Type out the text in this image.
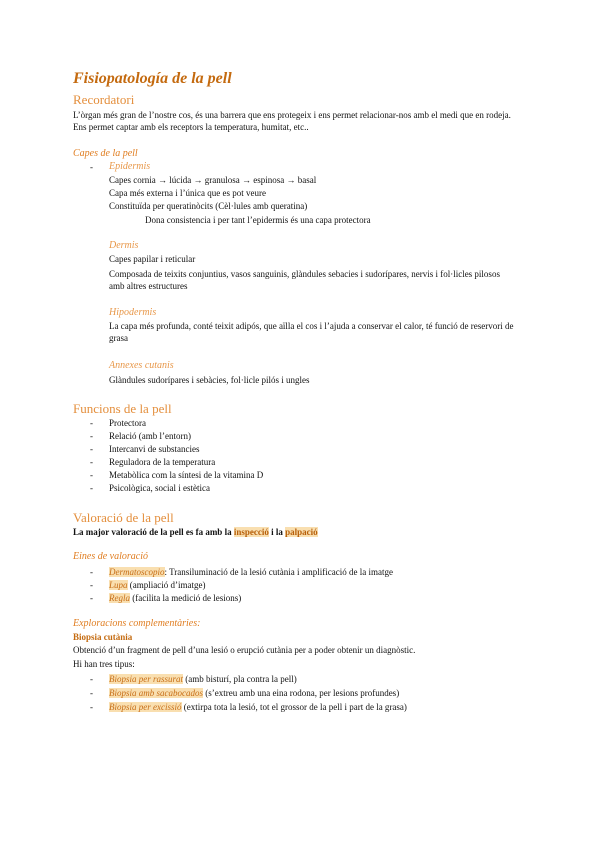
Fisiopatología de la pell
Recordatori
L’òrgan més gran de l’nostre cos, és una barrera que ens protegeix i ens permet relacionar-nos amb el medi que en rodeja. Ens permet captar amb els receptors la temperatura, humitat, etc..
Capes de la pell
- Epidermis
Capes cornia → lúcida → granulosa → espinosa → basal
Capa més externa i l’única que es pot veure
Constituïda per queratinòcits (Cèl·lules amb queratina)
Dona consistencia i per tant l’epidermis és una capa protectora
Dermis
Capes papilar i reticular
Composada de teixits conjuntius, vasos sanguinis, glàndules sebacies i sudorípares, nervis i fol·licles pilosos amb altres estructures
Hipodermis
La capa més profunda, conté teixit adipós, que aïlla el cos i l’ajuda a conservar el calor, té funció de reservori de grasa
Annexes cutanis
Glàndules sudorípares i sebàcies, fol·licle pilós i ungles
Funcions de la pell
- Protectora
- Relació (amb l’entorn)
- Intercanvi de substancies
- Reguladora de la temperatura
- Metabòlica com la síntesi de la vitamina D
- Psicològica, social i estètica
Valoració de la pell
La major valoració de la pell es fa amb la inspecció i la palpació
Eines de valoració
- Dermatoscopio: Transiluminació de la lesió cutània i amplificació de la imatge
- Lupa (ampliació d’imatge)
- Regla (facilita la medició de lesions)
Exploracions complementàries:
Biopsia cutània
Obtenció d’un fragment de pell d’una lesió o erupció cutània per a poder obtenir un diagnòstic.
Hi han tres tipus:
- Biopsia per rassurat (amb bisturí, pla contra la pell)
- Biopsia amb sacabocados (s’extreu amb una eina rodona, per lesions profundes)
- Biopsia per excissió (extirpa tota la lesió, tot el grossor de la pell i part de la grasa)
